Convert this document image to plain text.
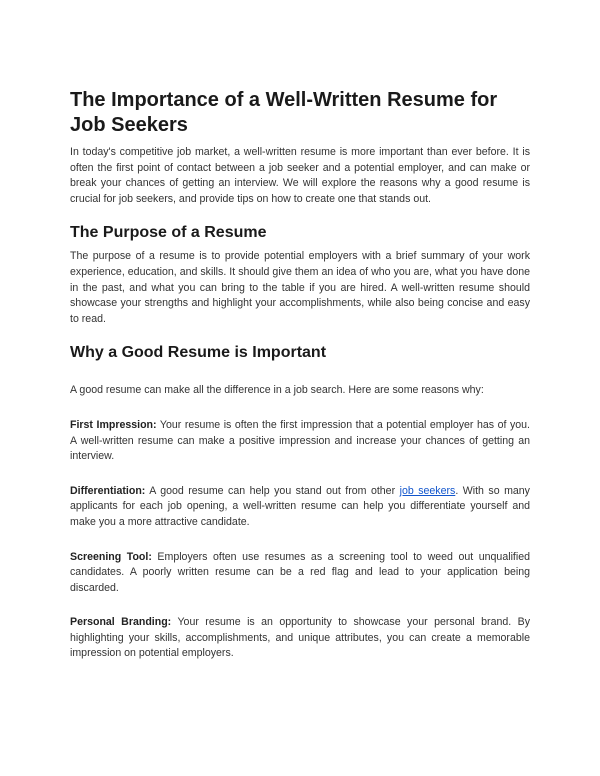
The Importance of a Well-Written Resume for Job Seekers

In today's competitive job market, a well-written resume is more important than ever before. It is often the first point of contact between a job seeker and a potential employer, and can make or break your chances of getting an interview. We will explore the reasons why a good resume is crucial for job seekers, and provide tips on how to create one that stands out.

The Purpose of a Resume

The purpose of a resume is to provide potential employers with a brief summary of your work experience, education, and skills. It should give them an idea of who you are, what you have done in the past, and what you can bring to the table if you are hired. A well-written resume should showcase your strengths and highlight your accomplishments, while also being concise and easy to read.

Why a Good Resume is Important

A good resume can make all the difference in a job search. Here are some reasons why:

First Impression: Your resume is often the first impression that a potential employer has of you. A well-written resume can make a positive impression and increase your chances of getting an interview.

Differentiation: A good resume can help you stand out from other job seekers. With so many applicants for each job opening, a well-written resume can help you differentiate yourself and make you a more attractive candidate.

Screening Tool: Employers often use resumes as a screening tool to weed out unqualified candidates. A poorly written resume can be a red flag and lead to your application being discarded.

Personal Branding: Your resume is an opportunity to showcase your personal brand. By highlighting your skills, accomplishments, and unique attributes, you can create a memorable impression on potential employers.
